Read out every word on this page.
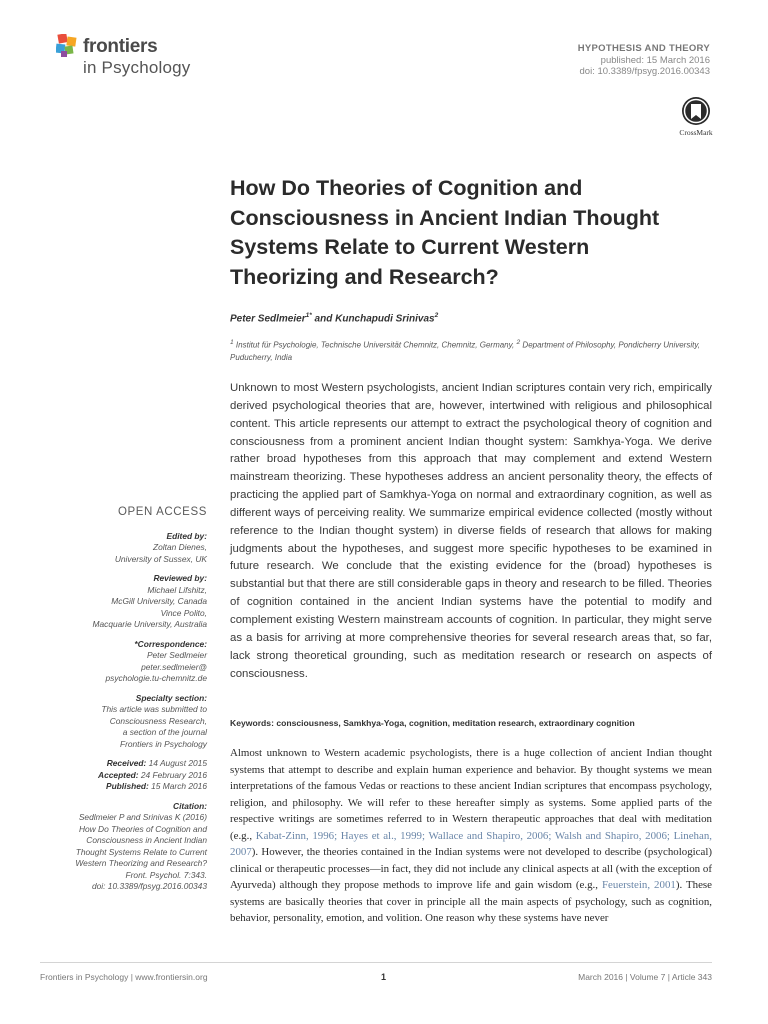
frontiers
in Psychology
HYPOTHESIS AND THEORY
published: 15 March 2016
doi: 10.3389/fpsyg.2016.00343
CrossMark
How Do Theories of Cognition and Consciousness in Ancient Indian Thought Systems Relate to Current Western Theorizing and Research?
Peter Sedlmeier$^{1*}$ and Kunchapudi Srinivas$^2$
$^1$ Institut für Psychologie, Technische Universität Chemnitz, Chemnitz, Germany, $^2$ Department of Philosophy, Pondicherry University, Puducherry, India
Unknown to most Western psychologists, ancient Indian scriptures contain very rich, empirically derived psychological theories that are, however, intertwined with religious and philosophical content. This article represents our attempt to extract the psychological theory of cognition and consciousness from a prominent ancient Indian thought system: Samkhya-Yoga. We derive rather broad hypotheses from this approach that may complement and extend Western mainstream theorizing. These hypotheses address an ancient personality theory, the effects of practicing the applied part of Samkhya-Yoga on normal and extraordinary cognition, as well as different ways of perceiving reality. We summarize empirical evidence collected (mostly without reference to the Indian thought system) in diverse fields of research that allows for making judgments about the hypotheses, and suggest more specific hypotheses to be examined in future research. We conclude that the existing evidence for the (broad) hypotheses is substantial but that there are still considerable gaps in theory and research to be filled. Theories of cognition contained in the ancient Indian systems have the potential to modify and complement existing Western mainstream accounts of cognition. In particular, they might serve as a basis for arriving at more comprehensive theories for several research areas that, so far, lack strong theoretical grounding, such as meditation research or research on aspects of consciousness.
Keywords: consciousness, Samkhya-Yoga, cognition, meditation research, extraordinary cognition
OPEN ACCESS
Edited by:
Zoltan Dienes,
University of Sussex, UK
Reviewed by:
Michael Lifshitz,
McGill University, Canada
Vince Polito,
Macquarie University, Australia
*Correspondence:
Peter Sedlmeier
peter.sedlmeier@
psychologie.tu-chemnitz.de
Specialty section:
This article was submitted to
Consciousness Research,
a section of the journal
Frontiers in Psychology
Received: 14 August 2015
Accepted: 24 February 2016
Published: 15 March 2016
Citation:
Sedlmeier P and Srinivas K (2016)
How Do Theories of Cognition and
Consciousness in Ancient Indian
Thought Systems Relate to Current
Western Theorizing and Research?
Front. Psychol. 7:343.
doi: 10.3389/fpsyg.2016.00343
Almost unknown to Western academic psychologists, there is a huge collection of ancient Indian thought systems that attempt to describe and explain human experience and behavior. By thought systems we mean interpretations of the famous Vedas or reactions to these ancient Indian scriptures that encompass psychology, religion, and philosophy. We will refer to these hereafter simply as systems. Some applied parts of the respective writings are sometimes referred to in Western therapeutic approaches that deal with meditation (e.g., Kabat-Zinn, 1996; Hayes et al., 1999; Wallace and Shapiro, 2006; Walsh and Shapiro, 2006; Linehan, 2007). However, the theories contained in the Indian systems were not developed to describe (psychological) clinical or therapeutic processes—in fact, they did not include any clinical aspects at all (with the exception of Ayurveda) although they propose methods to improve life and gain wisdom (e.g., Feuerstein, 2001). These systems are basically theories that cover in principle all the main aspects of psychology, such as cognition, behavior, personality, emotion, and volition. One reason why these systems have never
Frontiers in Psychology | www.frontiersin.org	1	March 2016 | Volume 7 | Article 343
